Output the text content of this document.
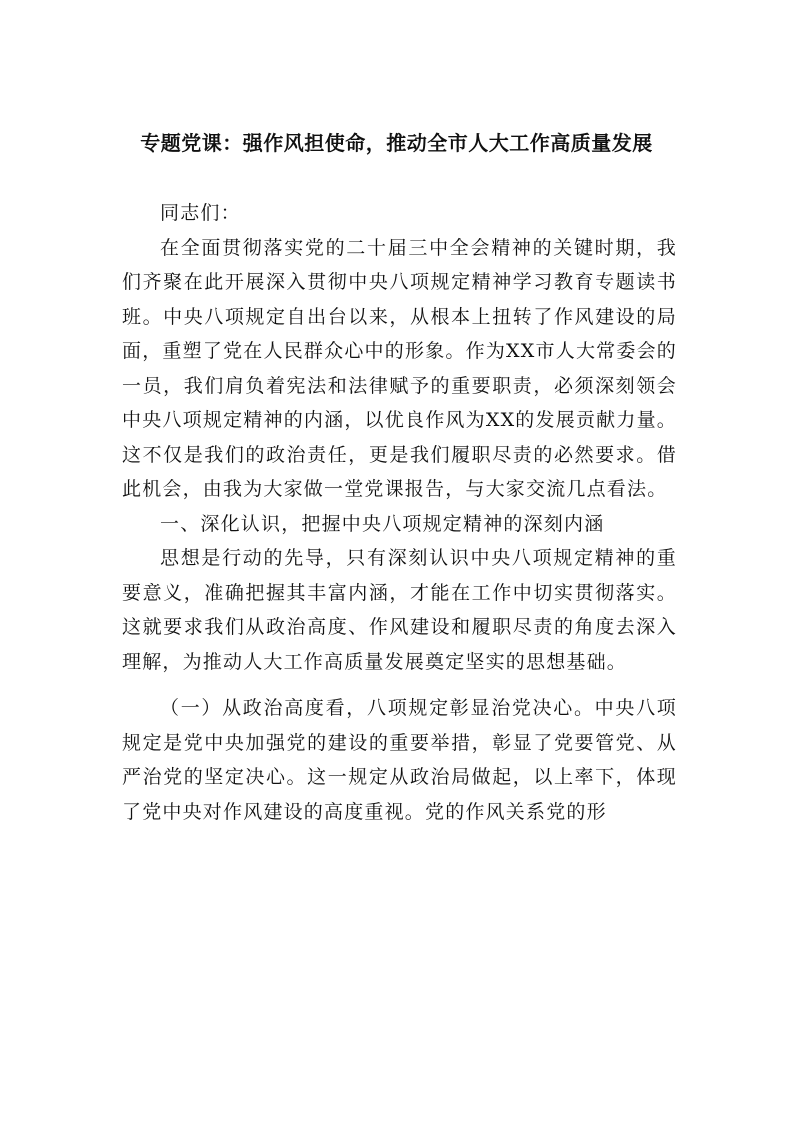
专题党课：强作风担使命，推动全市人大工作高质量发展

同志们：

在全面贯彻落实党的二十届三中全会精神的关键时期，我们齐聚在此开展深入贯彻中央八项规定精神学习教育专题读书班。中央八项规定自出台以来，从根本上扭转了作风建设的局面，重塑了党在人民群众心中的形象。作为XX市人大常委会的一员，我们肩负着宪法和法律赋予的重要职责，必须深刻领会中央八项规定精神的内涵，以优良作风为XX的发展贡献力量。这不仅是我们的政治责任，更是我们履职尽责的必然要求。借此机会，由我为大家做一堂党课报告，与大家交流几点看法。

一、深化认识，把握中央八项规定精神的深刻内涵

思想是行动的先导，只有深刻认识中央八项规定精神的重要意义，准确把握其丰富内涵，才能在工作中切实贯彻落实。这就要求我们从政治高度、作风建设和履职尽责的角度去深入理解，为推动人大工作高质量发展奠定坚实的思想基础。

（一）从政治高度看，八项规定彰显治党决心。中央八项规定是党中央加强党的建设的重要举措，彰显了党要管党、从严治党的坚定决心。这一规定从政治局做起，以上率下，体现了党中央对作风建设的高度重视。党的作风关系党的形
